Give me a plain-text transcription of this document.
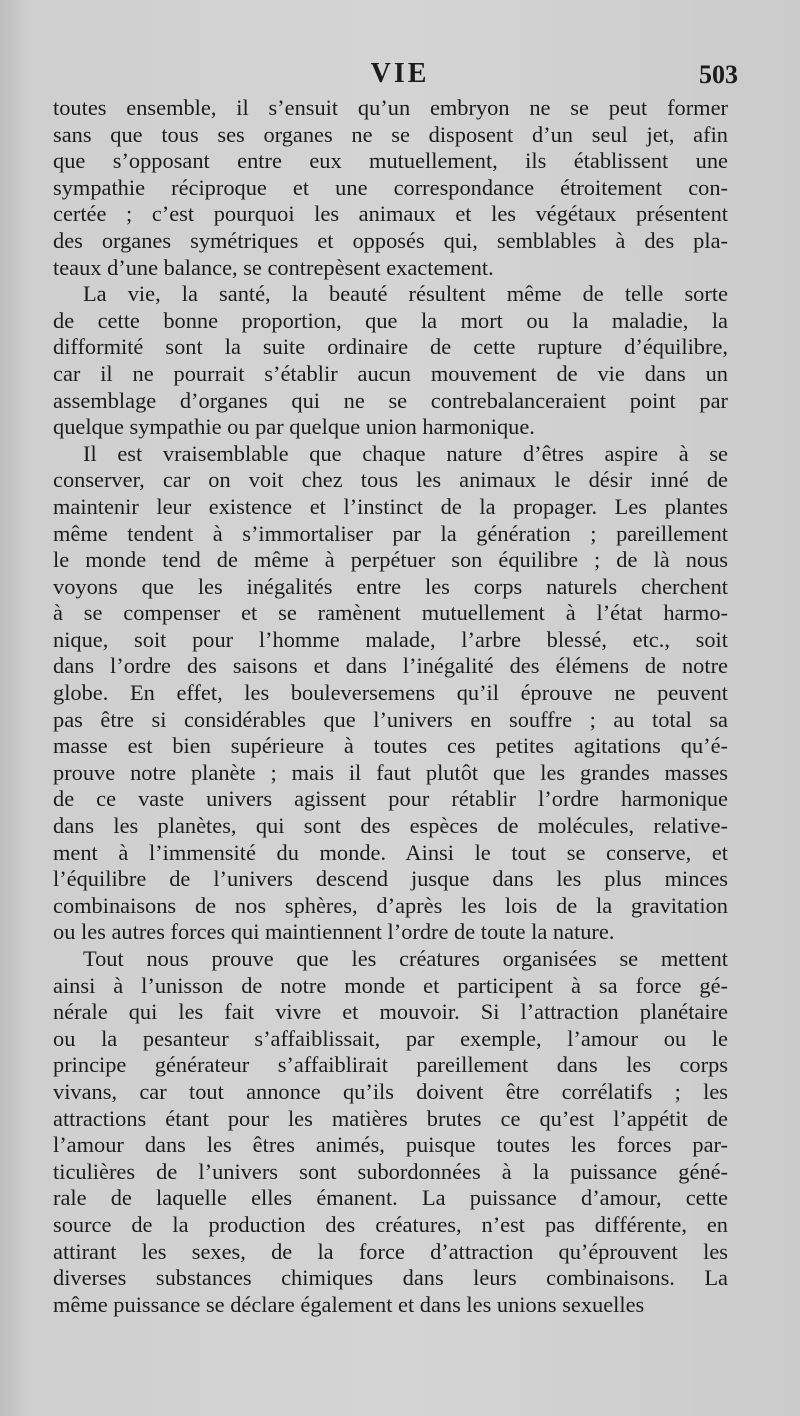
VIE	503
toutes ensemble, il s’ensuit qu’un embryon ne se peut former
sans que tous ses organes ne se disposent d’un seul jet, afin
que s’opposant entre eux mutuellement, ils établissent une
sympathie réciproque et une correspondance étroitement con-
certée ; c’est pourquoi les animaux et les végétaux présentent
des organes symétriques et opposés qui, semblables à des pla-
teaux d’une balance, se contrepèsent exactement.
La vie, la santé, la beauté résultent même de telle sorte
de cette bonne proportion, que la mort ou la maladie, la
difformité sont la suite ordinaire de cette rupture d’équilibre,
car il ne pourrait s’établir aucun mouvement de vie dans un
assemblage d’organes qui ne se contrebalanceraient point par
quelque sympathie ou par quelque union harmonique.
Il est vraisemblable que chaque nature d’êtres aspire à se
conserver, car on voit chez tous les animaux le désir inné de
maintenir leur existence et l’instinct de la propager. Les plantes
même tendent à s’immortaliser par la génération ; pareillement
le monde tend de même à perpétuer son équilibre ; de là nous
voyons que les inégalités entre les corps naturels cherchent
à se compenser et se ramènent mutuellement à l’état harmo-
nique, soit pour l’homme malade, l’arbre blessé, etc., soit
dans l’ordre des saisons et dans l’inégalité des élémens de notre
globe. En effet, les bouleversemens qu’il éprouve ne peuvent
pas être si considérables que l’univers en souffre ; au total sa
masse est bien supérieure à toutes ces petites agitations qu’é-
prouve notre planète ; mais il faut plutôt que les grandes masses
de ce vaste univers agissent pour rétablir l’ordre harmonique
dans les planètes, qui sont des espèces de molécules, relative-
ment à l’immensité du monde. Ainsi le tout se conserve, et
l’équilibre de l’univers descend jusque dans les plus minces
combinaisons de nos sphères, d’après les lois de la gravitation
ou les autres forces qui maintiennent l’ordre de toute la nature.
Tout nous prouve que les créatures organisées se mettent
ainsi à l’unisson de notre monde et participent à sa force gé-
nérale qui les fait vivre et mouvoir. Si l’attraction planétaire
ou la pesanteur s’affaiblissait, par exemple, l’amour ou le
principe générateur s’affaiblirait pareillement dans les corps
vivans, car tout annonce qu’ils doivent être corrélatifs ; les
attractions étant pour les matières brutes ce qu’est l’appétit de
l’amour dans les êtres animés, puisque toutes les forces par-
ticulières de l’univers sont subordonnées à la puissance géné-
rale de laquelle elles émanent. La puissance d’amour, cette
source de la production des créatures, n’est pas différente, en
attirant les sexes, de la force d’attraction qu’éprouvent les
diverses substances chimiques dans leurs combinaisons. La
même puissance se déclare également et dans les unions sexuelles
